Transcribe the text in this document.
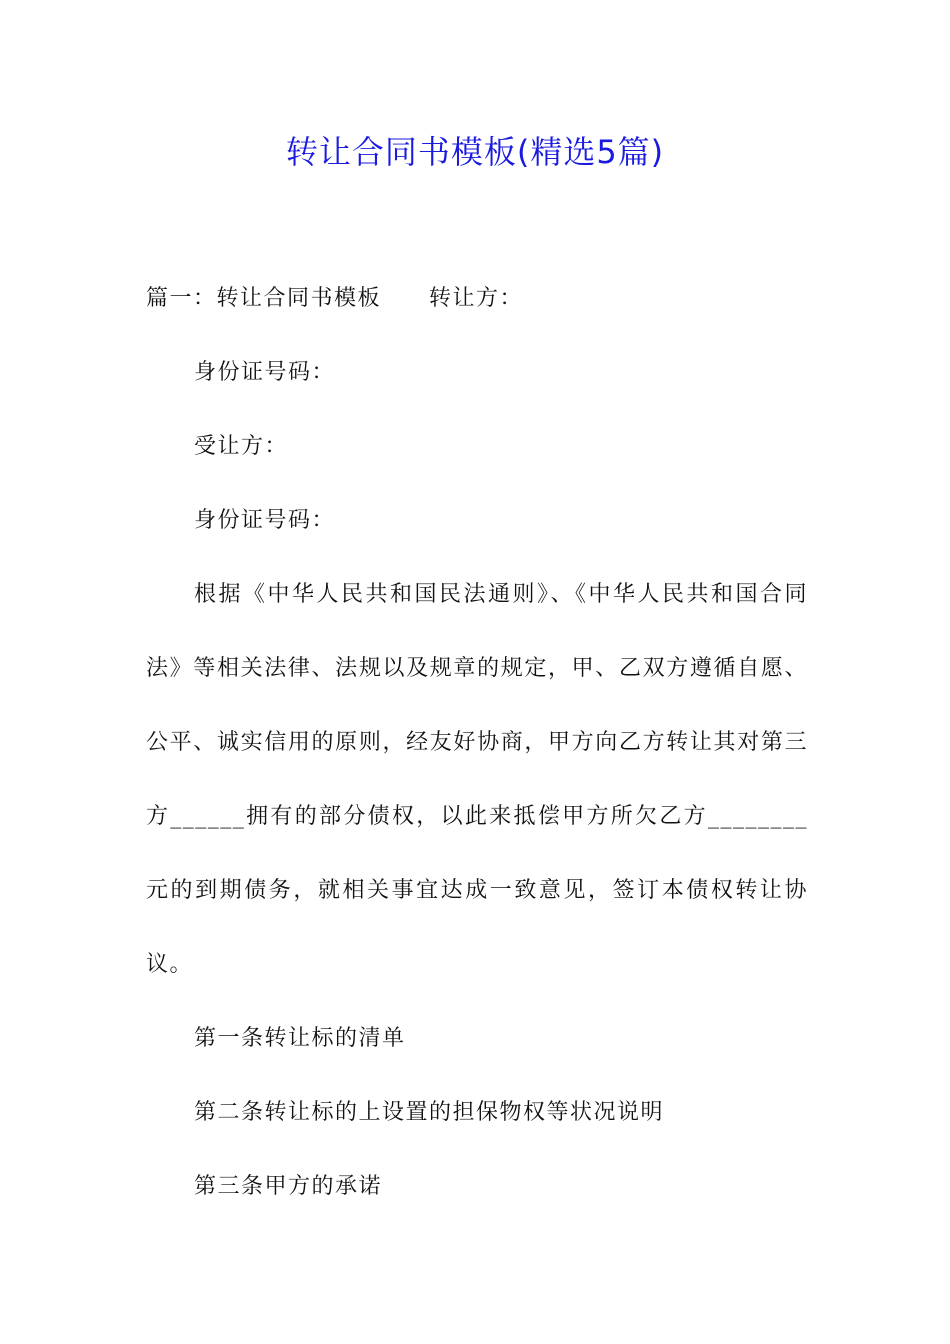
转让合同书模板(精选5篇)

篇一：转让合同书模板 转让方：

身份证号码：

受让方：

身份证号码：

根据《中华人民共和国民法通则》、《中华人民共和国合同法》等相关法律、法规以及规章的规定，甲、乙双方遵循自愿、公平、诚实信用的原则，经友好协商，甲方向乙方转让其对第三方______拥有的部分债权，以此来抵偿甲方所欠乙方________元的到期债务，就相关事宜达成一致意见，签订本债权转让协议。

第一条转让标的清单

第二条转让标的上设置的担保物权等状况说明

第三条甲方的承诺
